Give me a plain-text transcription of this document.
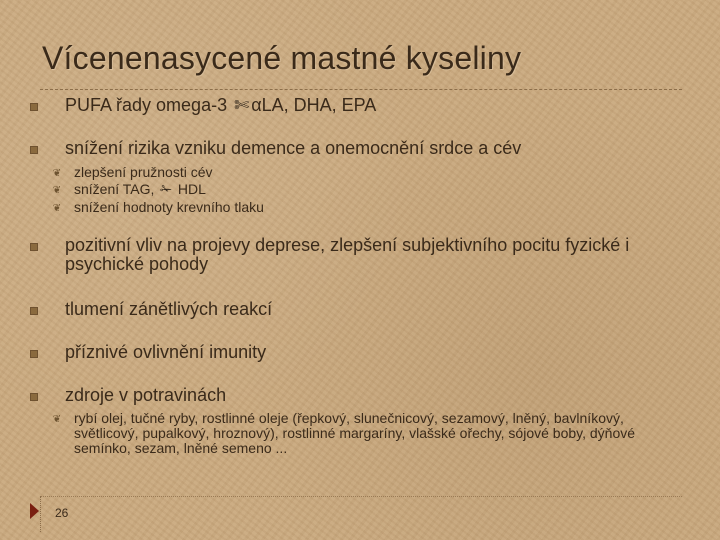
Vícenenasycené mastné kyseliny
PUFA řady omega-3 ✄ αLA, DHA, EPA
snížení rizika vzniku demence a onemocnění srdce a cév
❦ zlepšení pružnosti cév
❦ snížení TAG, ✁ HDL
❦ snížení hodnoty krevního tlaku
pozitivní vliv na projevy deprese, zlepšení subjektivního pocitu fyzické i psychické pohody
tlumení zánětlivých reakcí
příznivé ovlivnění imunity
zdroje v potravinách
❦ rybí olej, tučné ryby, rostlinné oleje (řepkový, slunečnicový, sezamový, lněný, bavlníkový, světlicový, pupalkový, hroznový), rostlinné margaríny, vlašské ořechy, sójové boby, dýňové semínko, sezam, lněné semeno ...
26
